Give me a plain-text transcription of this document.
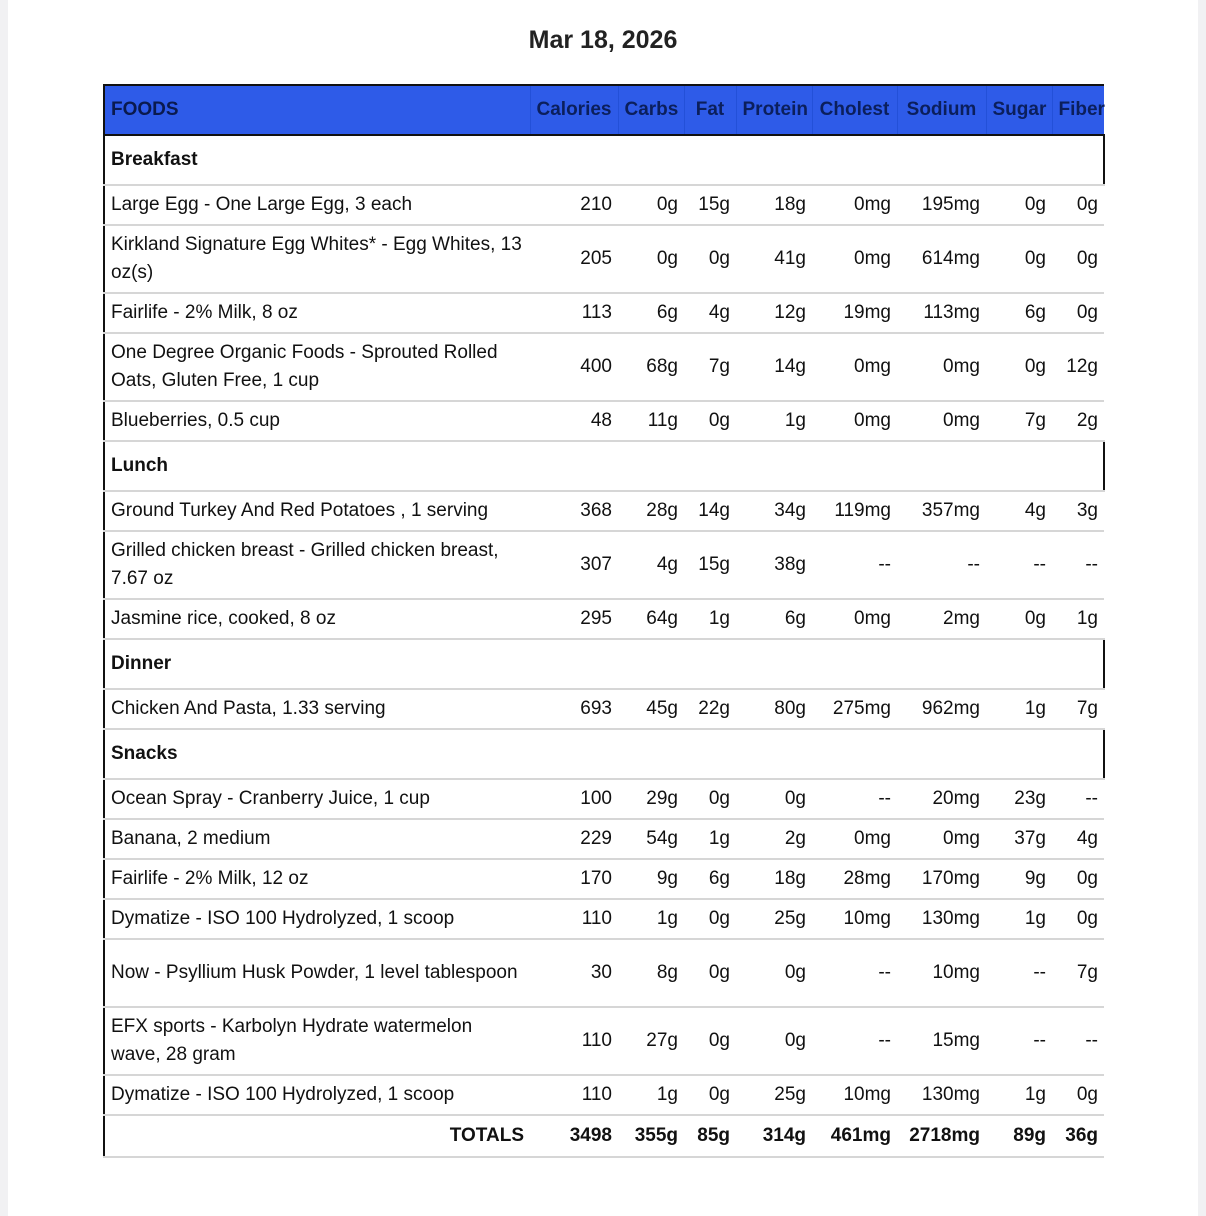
Mar 18, 2026
FOODS	Calories	Carbs	Fat	Protein	Cholest	Sodium	Sugar	Fiber
Breakfast								
Large Egg - One Large Egg, 3 each	210	0g	15g	18g	0mg	195mg	0g	0g
Kirkland Signature Egg Whites* - Egg Whites, 13 oz(s)	205	0g	0g	41g	0mg	614mg	0g	0g
Fairlife - 2% Milk, 8 oz	113	6g	4g	12g	19mg	113mg	6g	0g
One Degree Organic Foods - Sprouted Rolled Oats, Gluten Free, 1 cup	400	68g	7g	14g	0mg	0mg	0g	12g
Blueberries, 0.5 cup	48	11g	0g	1g	0mg	0mg	7g	2g
Lunch								
Ground Turkey And Red Potatoes , 1 serving	368	28g	14g	34g	119mg	357mg	4g	3g
Grilled chicken breast - Grilled chicken breast, 7.67 oz	307	4g	15g	38g	--	--	--	--
Jasmine rice, cooked, 8 oz	295	64g	1g	6g	0mg	2mg	0g	1g
Dinner								
Chicken And Pasta, 1.33 serving	693	45g	22g	80g	275mg	962mg	1g	7g
Snacks								
Ocean Spray - Cranberry Juice, 1 cup	100	29g	0g	0g	--	20mg	23g	--
Banana, 2 medium	229	54g	1g	2g	0mg	0mg	37g	4g
Fairlife - 2% Milk, 12 oz	170	9g	6g	18g	28mg	170mg	9g	0g
Dymatize - ISO 100 Hydrolyzed, 1 scoop	110	1g	0g	25g	10mg	130mg	1g	0g
Now - Psyllium Husk Powder, 1 level tablespoon	30	8g	0g	0g	--	10mg	--	7g
EFX sports - Karbolyn Hydrate watermelon wave, 28 gram	110	27g	0g	0g	--	15mg	--	--
Dymatize - ISO 100 Hydrolyzed, 1 scoop	110	1g	0g	25g	10mg	130mg	1g	0g
TOTALS	3498	355g	85g	314g	461mg	2718mg	89g	36g
